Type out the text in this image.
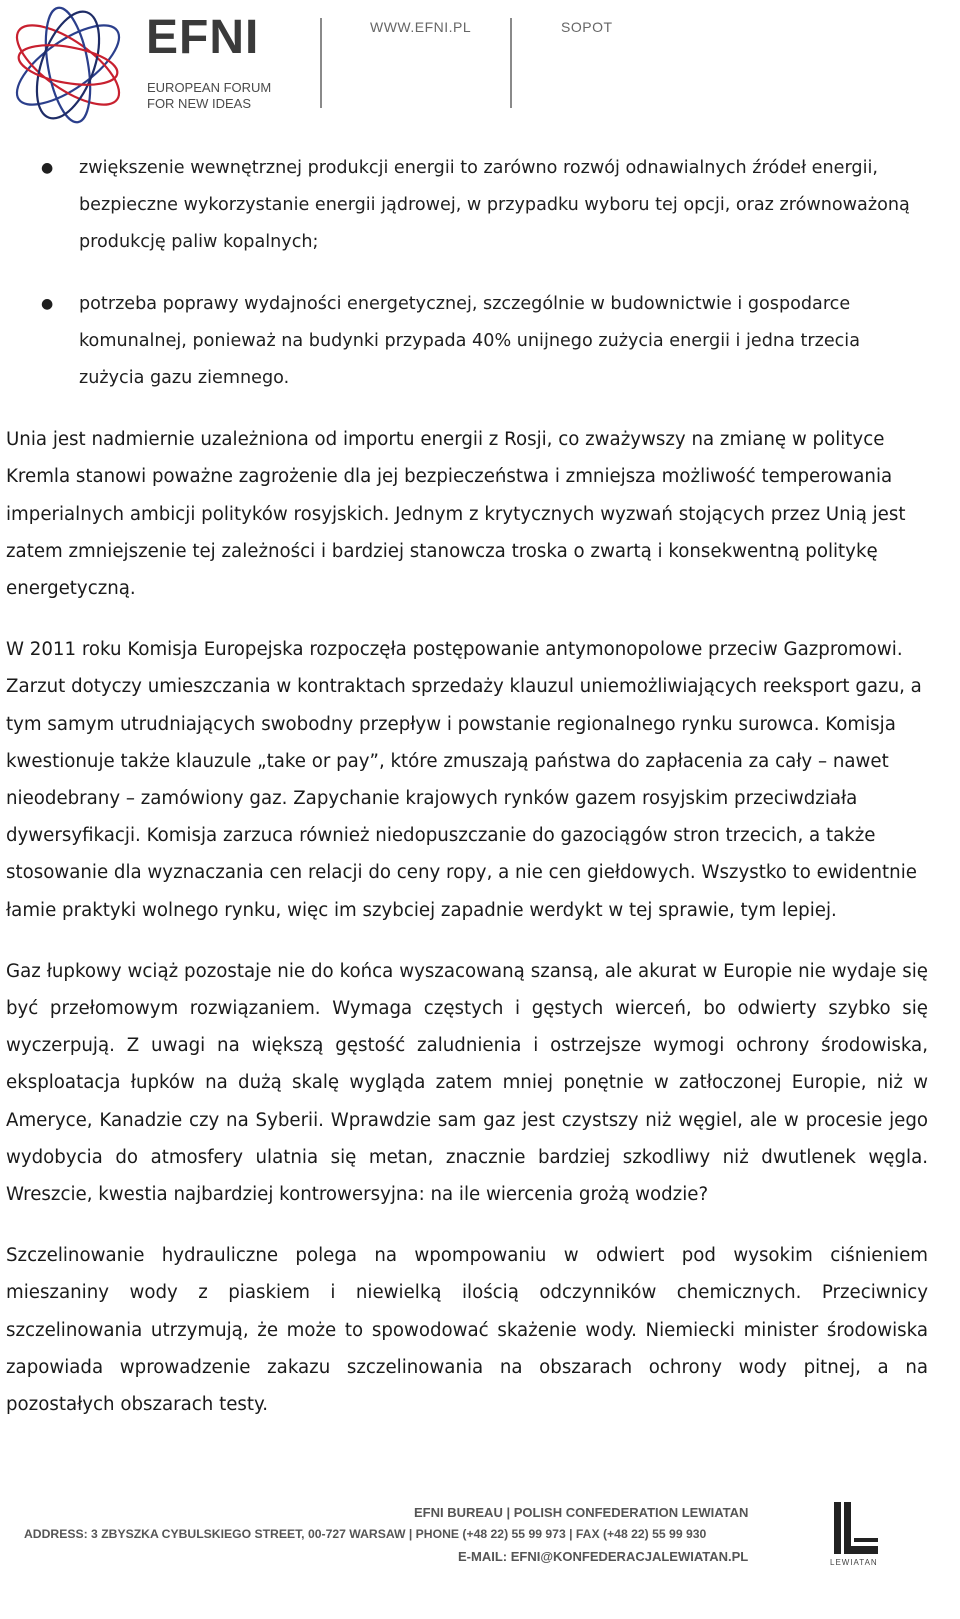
EFNI
EUROPEAN FORUM
FOR NEW IDEAS
WWW.EFNI.PL	SOPOT
● zwiększenie wewnętrznej produkcji energii to zarówno rozwój odnawialnych źródeł energii, bezpieczne wykorzystanie energii jądrowej, w przypadku wyboru tej opcji, oraz zrównoważoną produkcję paliw kopalnych;
● potrzeba poprawy wydajności energetycznej, szczególnie w budownictwie i gospodarce komunalnej, ponieważ na budynki przypada 40% unijnego zużycia energii i jedna trzecia zużycia gazu ziemnego.

Unia jest nadmiernie uzależniona od importu energii z Rosji, co zważywszy na zmianę w polityce Kremla stanowi poważne zagrożenie dla jej bezpieczeństwa i zmniejsza możliwość temperowania imperialnych ambicji polityków rosyjskich. Jednym z krytycznych wyzwań stojących przez Unią jest zatem zmniejszenie tej zależności i bardziej stanowcza troska o zwartą i konsekwentną politykę energetyczną.

W 2011 roku Komisja Europejska rozpoczęła postępowanie antymonopolowe przeciw Gazpromowi. Zarzut dotyczy umieszczania w kontraktach sprzedaży klauzul uniemożliwiających reeksport gazu, a tym samym utrudniających swobodny przepływ i powstanie regionalnego rynku surowca. Komisja kwestionuje także klauzule „take or pay”, które zmuszają państwa do zapłacenia za cały – nawet nieodebrany – zamówiony gaz. Zapychanie krajowych rynków gazem rosyjskim przeciwdziała dywersyfikacji. Komisja zarzuca również niedopuszczanie do gazociągów stron trzecich, a także stosowanie dla wyznaczania cen relacji do ceny ropy, a nie cen giełdowych. Wszystko to ewidentnie łamie praktyki wolnego rynku, więc im szybciej zapadnie werdykt w tej sprawie, tym lepiej.

Gaz łupkowy wciąż pozostaje nie do końca wyszacowaną szansą, ale akurat w Europie nie wydaje się być przełomowym rozwiązaniem. Wymaga częstych i gęstych wierceń, bo odwierty szybko się wyczerpują. Z uwagi na większą gęstość zaludnienia i ostrzejsze wymogi ochrony środowiska, eksploatacja łupków na dużą skalę wygląda zatem mniej ponętnie w zatłoczonej Europie, niż w Ameryce, Kanadzie czy na Syberii. Wprawdzie sam gaz jest czystszy niż węgiel, ale w procesie jego wydobycia do atmosfery ulatnia się metan, znacznie bardziej szkodliwy niż dwutlenek węgla. Wreszcie, kwestia najbardziej kontrowersyjna: na ile wiercenia grożą wodzie?

Szczelinowanie hydrauliczne polega na wpompowaniu w odwiert pod wysokim ciśnieniem mieszaniny wody z piaskiem i niewielką ilością odczynników chemicznych. Przeciwnicy szczelinowania utrzymują, że może to spowodować skażenie wody. Niemiecki minister środowiska zapowiada wprowadzenie zakazu szczelinowania na obszarach ochrony wody pitnej, a na pozostałych obszarach testy.

EFNI BUREAU | POLISH CONFEDERATION LEWIATAN
ADDRESS: 3 ZBYSZKA CYBULSKIEGO STREET, 00-727 WARSAW | PHONE (+48 22) 55 99 973 | FAX (+48 22) 55 99 930
E-MAIL: EFNI@KONFEDERACJALEWIATAN.PL	LEWIATAN
